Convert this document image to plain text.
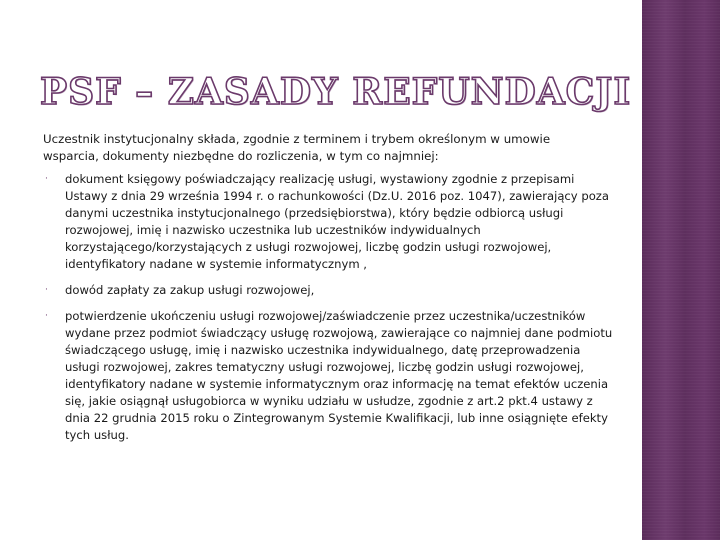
PSF – ZASADY REFUNDACJI

Uczestnik instytucjonalny składa, zgodnie z terminem i trybem określonym w umowie wsparcia, dokumenty niezbędne do rozliczenia, w tym co najmniej:

· dokument księgowy poświadczający realizację usługi, wystawiony zgodnie z przepisami Ustawy z dnia 29 września 1994 r. o rachunkowości (Dz.U. 2016 poz. 1047), zawierający poza danymi uczestnika instytucjonalnego (przedsiębiorstwa), który będzie odbiorcą usługi rozwojowej, imię i nazwisko uczestnika lub uczestników indywidualnych korzystającego/korzystających z usługi rozwojowej, liczbę godzin usługi rozwojowej, identyfikatory nadane w systemie informatycznym ,
· dowód zapłaty za zakup usługi rozwojowej,
· potwierdzenie ukończeniu usługi rozwojowej/zaświadczenie przez uczestnika/uczestników wydane przez podmiot świadczący usługę rozwojową, zawierające co najmniej dane podmiotu świadczącego usługę, imię i nazwisko uczestnika indywidualnego, datę przeprowadzenia usługi rozwojowej, zakres tematyczny usługi rozwojowej, liczbę godzin usługi rozwojowej, identyfikatory nadane w systemie informatycznym oraz informację na temat efektów uczenia się, jakie osiągnął usługobiorca w wyniku udziału w usłudze, zgodnie z art.2 pkt.4 ustawy z dnia 22 grudnia 2015 roku o Zintegrowanym Systemie Kwalifikacji, lub inne osiągnięte efekty tych usług.
